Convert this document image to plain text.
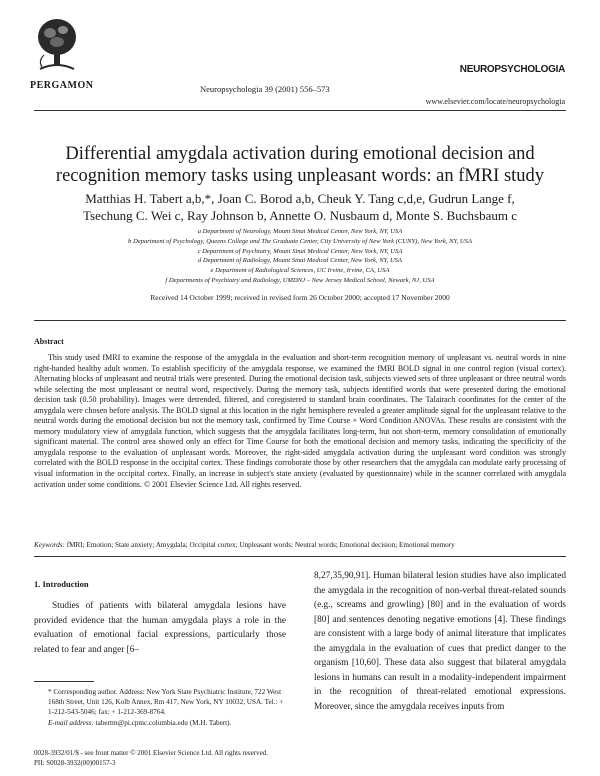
PERGAMON	Neuropsychologia 39 (2001) 556–573
NEUROPSYCHOLOGIA
www.elsevier.com/locate/neuropsychologia
Differential amygdala activation during emotional decision and
recognition memory tasks using unpleasant words: an fMRI study
Matthias H. Tabert a,b,*, Joan C. Borod a,b, Cheuk Y. Tang c,d,e, Gudrun Lange f,
Tsechung C. Wei c, Ray Johnson b, Annette O. Nusbaum d, Monte S. Buchsbaum c
a Department of Neurology, Mount Sinai Medical Center, New York, NY, USA
b Department of Psychology, Queens College and The Graduate Center, City University of New York (CUNY), New York, NY, USA
c Department of Psychiatry, Mount Sinai Medical Center, New York, NY, USA
d Department of Radiology, Mount Sinai Medical Center, New York, NY, USA
e Department of Radiological Sciences, UC Irvine, Irvine, CA, USA
f Departments of Psychiatry and Radiology, UMDNJ – New Jersey Medical School, Newark, NJ, USA
Received 14 October 1999; received in revised form 26 October 2000; accepted 17 November 2000
Abstract
This study used fMRI to examine the response of the amygdala in the evaluation and short-term recognition memory of unpleasant vs. neutral words in nine right-handed healthy adult women. To establish specificity of the amygdala response, we examined the fMRI BOLD signal in one control region (visual cortex). Alternating blocks of unpleasant and neutral trials were presented. During the emotional decision task, subjects viewed sets of three unpleasant or three neutral words while selecting the most unpleasant or neutral word, respectively. During the memory task, subjects identified words that were presented during the emotional decision task (0.50 probability). Images were detrended, filtered, and coregistered to standard brain coordinates. The Talairach coordinates for the center of the amygdala were chosen before analysis. The BOLD signal at this location in the right hemisphere revealed a greater amplitude signal for the unpleasant relative to the neutral words during the emotional decision but not the memory task, confirmed by Time Course × Word Condition ANOVAs. These results are consistent with the memory modulatory view of amygdala function, which suggests that the amygdala facilitates long-term, but not short-term, memory consolidation of emotionally significant material. The control area showed only an effect for Time Course for both the emotional decision and memory tasks, indicating the specificity of the amygdala response to the evaluation of unpleasant words. Moreover, the right-sided amygdala activation during the unpleasant word condition was strongly correlated with the BOLD response in the occipital cortex. These findings corroborate those by other researchers that the amygdala can modulate early processing of visual information in the occipital cortex. Finally, an increase in subject's state anxiety (evaluated by questionnaire) while in the scanner correlated with amygdala activation under some conditions. © 2001 Elsevier Science Ltd. All rights reserved.
Keywords: fMRI; Emotion; State anxiety; Amygdala; Occipital cortex; Unpleasant words; Neutral words; Emotional decision; Emotional memory
1. Introduction
Studies of patients with bilateral amygdala lesions have provided evidence that the human amygdala plays a role in the evaluation of emotional facial expressions, particularly those related to fear and anger [6–
* Corresponding author. Address: New York State Psychiatric Institute, 722 West 168th Street, Unit 126, Kolb Annex, Rm 417, New York, NY 10032, USA. Tel.: + 1-212-543-5046; fax: + 1-212-369-8764.
E-mail address: tabertm@pi.cpmc.columbia.edu (M.H. Tabert).
8,27,35,90,91]. Human bilateral lesion studies have also implicated the amygdala in the recognition of non-verbal threat-related sounds (e.g., screams and growling) [80] and in the evaluation of words [80] and sentences denoting negative emotions [4]. These findings are consistent with a large body of animal literature that implicates the amygdala in the evaluation of cues that predict danger to the organism [10,60]. These data also suggest that bilateral amygdala lesions in humans can result in a modality-independent impairment in the recognition of threat-related emotional expressions. Moreover, since the amygdala receives inputs from
0028-3932/01/$ - see front matter © 2001 Elsevier Science Ltd. All rights reserved.
PII: S0028-3932(00)00157-3
